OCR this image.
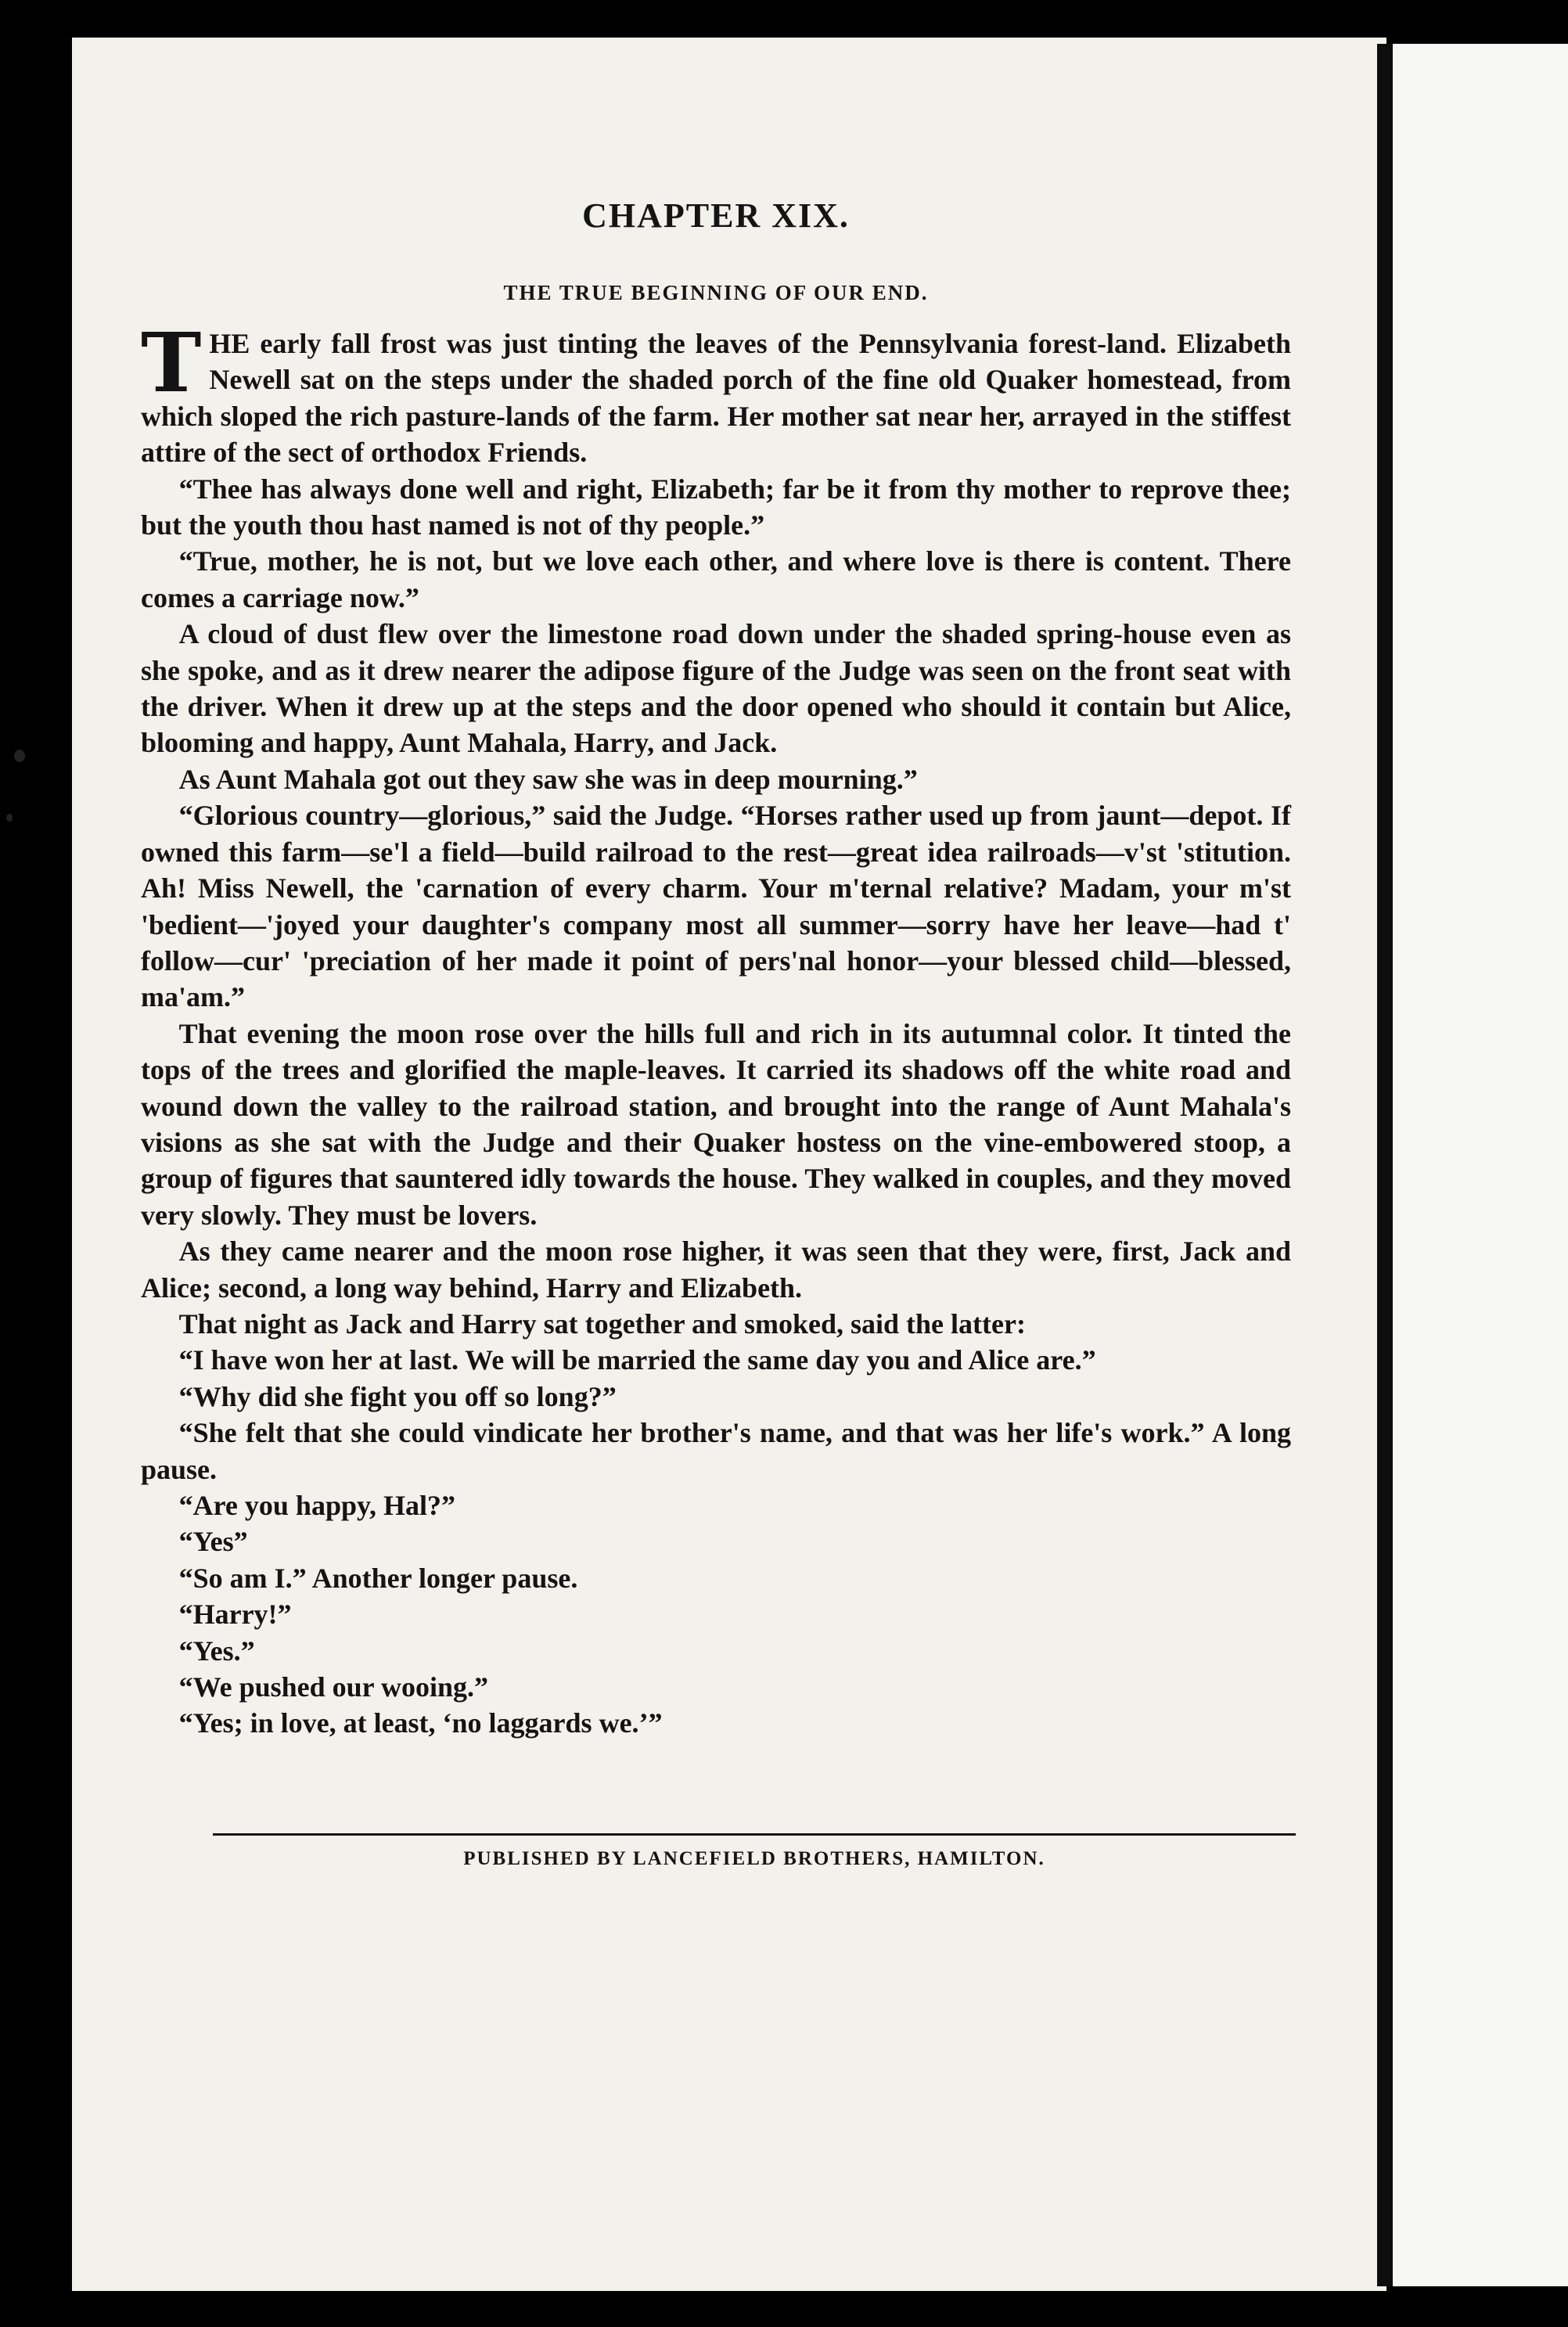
CHAPTER XIX.
THE TRUE BEGINNING OF OUR END.

THE early fall frost was just tinting the leaves of the Pennsylvania forest-land. Elizabeth Newell sat on the steps under the shaded porch of the fine old Quaker homestead, from which sloped the rich pasture-lands of the farm. Her mother sat near her, arrayed in the stiffest attire of the sect of orthodox Friends.

“Thee has always done well and right, Elizabeth; far be it from thy mother to reprove thee; but the youth thou hast named is not of thy people.”

“True, mother, he is not, but we love each other, and where love is there is content. There comes a carriage now.”

A cloud of dust flew over the limestone road down under the shaded spring-house even as she spoke, and as it drew nearer the adipose figure of the Judge was seen on the front seat with the driver. When it drew up at the steps and the door opened who should it contain but Alice, blooming and happy, Aunt Mahala, Harry, and Jack.

As Aunt Mahala got out they saw she was in deep mourning.”

“Glorious country—glorious,” said the Judge. “Horses rather used up from jaunt—depot. If owned this farm—se'l a field—build railroad to the rest—great idea railroads—v'st 'stitution. Ah! Miss Newell, the 'carnation of every charm. Your m'ternal relative? Madam, your m'st 'bedient—'joyed your daughter's company most all summer—sorry have her leave—had t' follow—cur' 'preciation of her made it point of pers'nal honor—your blessed child—blessed, ma'am.”

That evening the moon rose over the hills full and rich in its autumnal color. It tinted the tops of the trees and glorified the maple-leaves. It carried its shadows off the white road and wound down the valley to the railroad station, and brought into the range of Aunt Mahala's visions as she sat with the Judge and their Quaker hostess on the vine-embowered stoop, a group of figures that sauntered idly towards the house. They walked in couples, and they moved very slowly. They must be lovers.

As they came nearer and the moon rose higher, it was seen that they were, first, Jack and Alice; second, a long way behind, Harry and Elizabeth.

That night as Jack and Harry sat together and smoked, said the latter:

“I have won her at last. We will be married the same day you and Alice are.”

“Why did she fight you off so long?”

“She felt that she could vindicate her brother's name, and that was her life's work.” A long pause.

“Are you happy, Hal?”

“Yes”

“So am I.” Another longer pause.

“Harry!”

“Yes.”

“We pushed our wooing.”

“Yes; in love, at least, ‘no laggards we.’”

PUBLISHED BY LANCEFIELD BROTHERS, HAMILTON.
